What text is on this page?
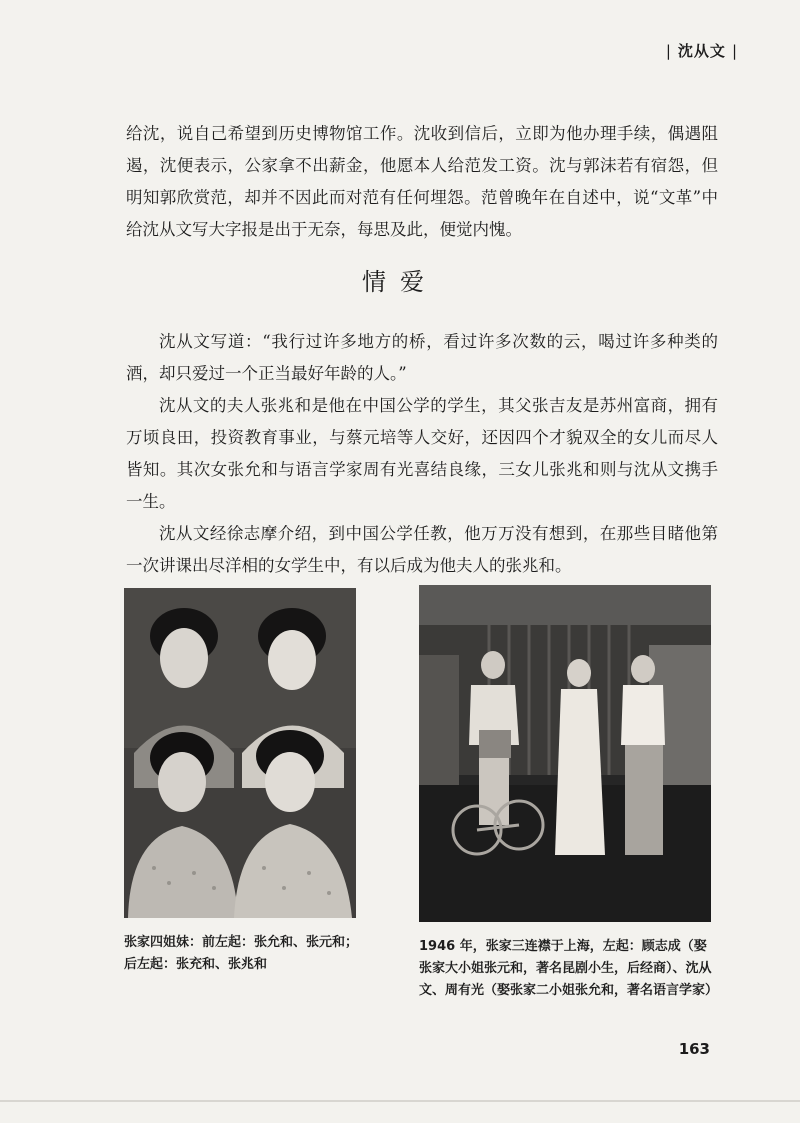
| 沈从文 |

给沈，说自己希望到历史博物馆工作。沈收到信后，立即为他办理手续，偶遇阻遏，沈便表示，公家拿不出薪金，他愿本人给范发工资。沈与郭沫若有宿怨，但明知郭欣赏范，却并不因此而对范有任何埋怨。范曾晚年在自述中，说“文革”中给沈从文写大字报是出于无奈，每思及此，便觉内愧。

情爱

沈从文写道：“我行过许多地方的桥，看过许多次数的云，喝过许多种类的酒，却只爱过一个正当最好年龄的人。”

沈从文的夫人张兆和是他在中国公学的学生，其父张吉友是苏州富商，拥有万顷良田，投资教育事业，与蔡元培等人交好，还因四个才貌双全的女儿而尽人皆知。其次女张允和与语言学家周有光喜结良缘，三女儿张兆和则与沈从文携手一生。

沈从文经徐志摩介绍，到中国公学任教，他万万没有想到，在那些目睹他第一次讲课出尽洋相的女学生中，有以后成为他夫人的张兆和。

张家四姐妹：前左起：张允和、张元和；后左起：张充和、张兆和
1946 年，张家三连襟于上海，左起：顾志成（娶张家大小姐张元和，著名昆剧小生，后经商）、沈从文、周有光（娶张家二小姐张允和，著名语言学家）
163
